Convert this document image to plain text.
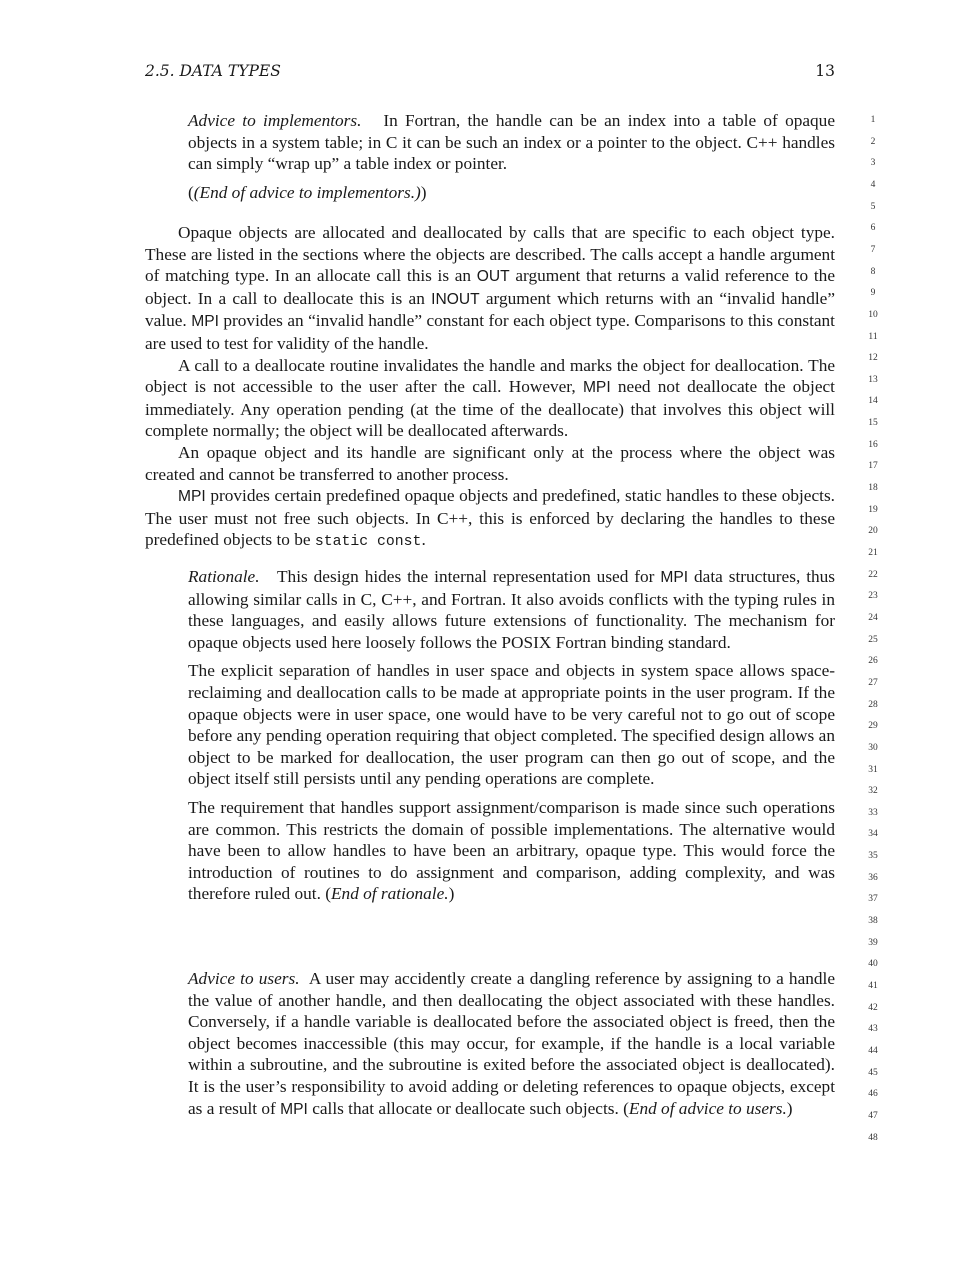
2.5. DATA TYPES	13
1
2
3
4
5
6
7
8
9
10
11
12
13
14
15
16
17
18
19
20
21
22
23
24
25
26
27
28
29
30
31
32
33
34
35
36
37
38
39
40
41
42
43
44
45
46
47
48

Advice to implementors. In Fortran, the handle can be an index into a table of opaque objects in a system table; in C it can be such an index or a pointer to the object. C++ handles can simply “wrap up” a table index or pointer.

((End of advice to implementors.))

Opaque objects are allocated and deallocated by calls that are specific to each object type. These are listed in the sections where the objects are described. The calls accept a handle argument of matching type. In an allocate call this is an OUT argument that returns a valid reference to the object. In a call to deallocate this is an INOUT argument which returns with an “invalid handle” value. MPI provides an “invalid handle” constant for each object type. Comparisons to this constant are used to test for validity of the handle.

A call to a deallocate routine invalidates the handle and marks the object for deallocation. The object is not accessible to the user after the call. However, MPI need not deallocate the object immediately. Any operation pending (at the time of the deallocate) that involves this object will complete normally; the object will be deallocated afterwards.

An opaque object and its handle are significant only at the process where the object was created and cannot be transferred to another process.

MPI provides certain predefined opaque objects and predefined, static handles to these objects. The user must not free such objects. In C++, this is enforced by declaring the handles to these predefined objects to be static const.

Rationale. This design hides the internal representation used for MPI data structures, thus allowing similar calls in C, C++, and Fortran. It also avoids conflicts with the typing rules in these languages, and easily allows future extensions of functionality. The mechanism for opaque objects used here loosely follows the POSIX Fortran binding standard.

The explicit separation of handles in user space and objects in system space allows space-reclaiming and deallocation calls to be made at appropriate points in the user program. If the opaque objects were in user space, one would have to be very careful not to go out of scope before any pending operation requiring that object completed. The specified design allows an object to be marked for deallocation, the user program can then go out of scope, and the object itself still persists until any pending operations are complete.

The requirement that handles support assignment/comparison is made since such operations are common. This restricts the domain of possible implementations. The alternative would have been to allow handles to have been an arbitrary, opaque type. This would force the introduction of routines to do assignment and comparison, adding complexity, and was therefore ruled out. (End of rationale.)

Advice to users. A user may accidently create a dangling reference by assigning to a handle the value of another handle, and then deallocating the object associated with these handles. Conversely, if a handle variable is deallocated before the associated object is freed, then the object becomes inaccessible (this may occur, for example, if the handle is a local variable within a subroutine, and the subroutine is exited before the associated object is deallocated). It is the user’s responsibility to avoid adding or deleting references to opaque objects, except as a result of MPI calls that allocate or deallocate such objects. (End of advice to users.)
